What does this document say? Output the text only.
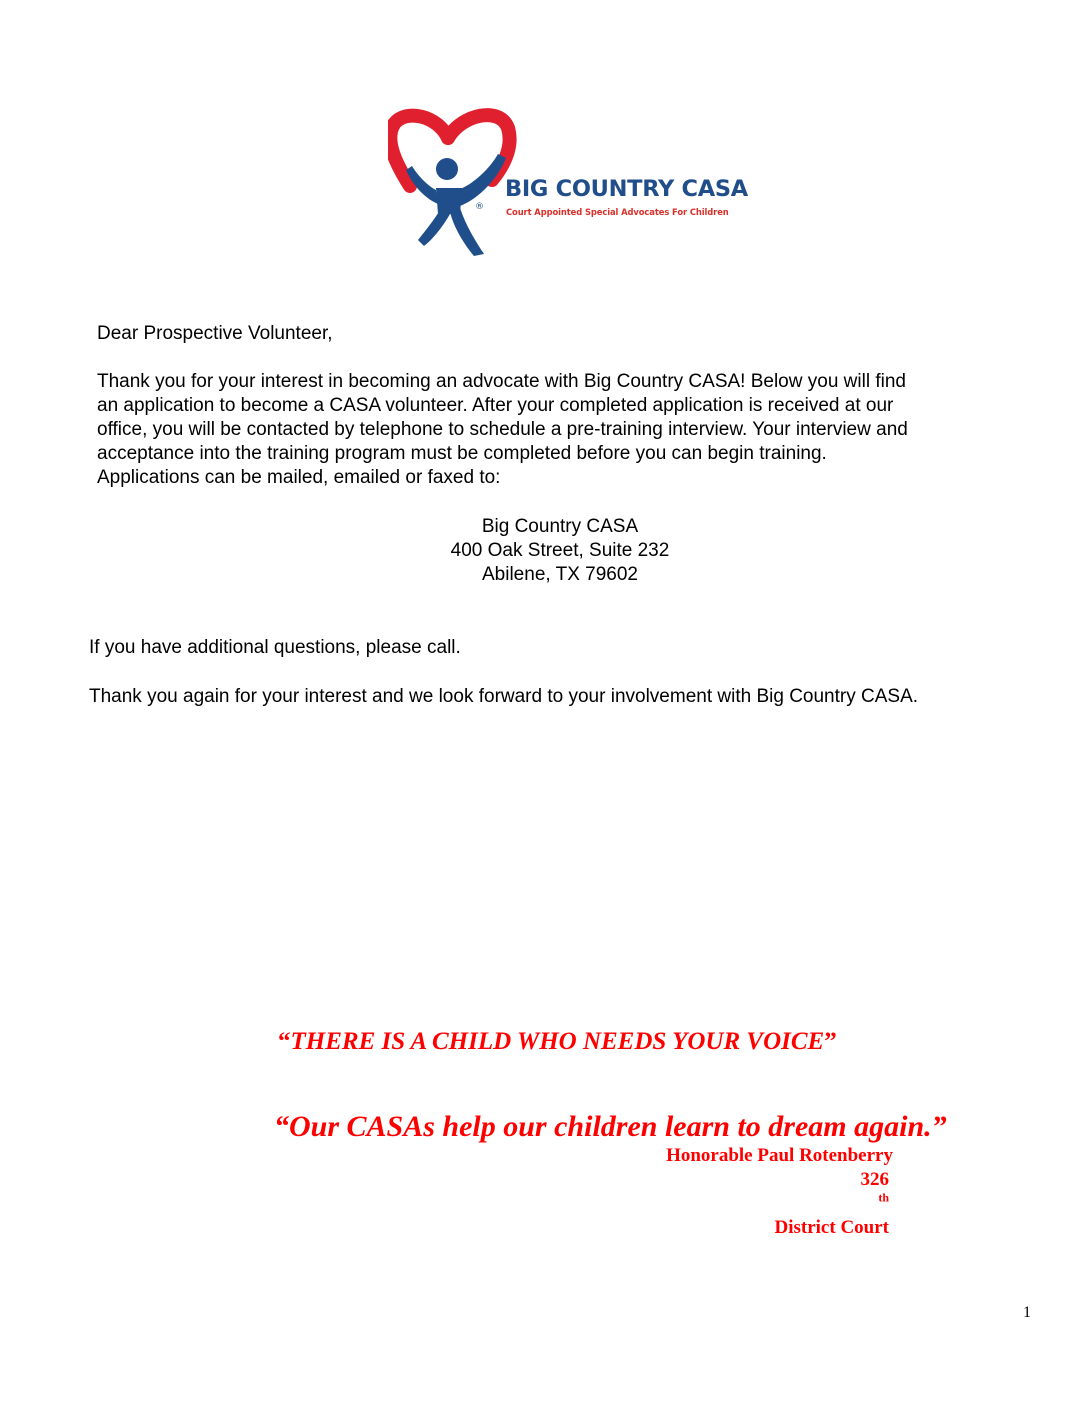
®
BIG COUNTRY CASA
Court Appointed Special Advocates For Children

Dear Prospective Volunteer,

Thank you for your interest in becoming an advocate with Big Country CASA! Below you will find
an application to become a CASA volunteer. After your completed application is received at our
office, you will be contacted by telephone to schedule a pre-training interview. Your interview and
acceptance into the training program must be completed before you can begin training.
Applications can be mailed, emailed or faxed to:
Big Country CASA
400 Oak Street, Suite 232
Abilene, TX 79602

If you have additional questions, please call.

Thank you again for your interest and we look forward to your involvement with Big Country CASA.

“THERE IS A CHILD WHO NEEDS YOUR VOICE”
“Our CASAs help our children learn to dream again.”
Honorable Paul Rotenberry
326
$^{th}$
District Court
1
